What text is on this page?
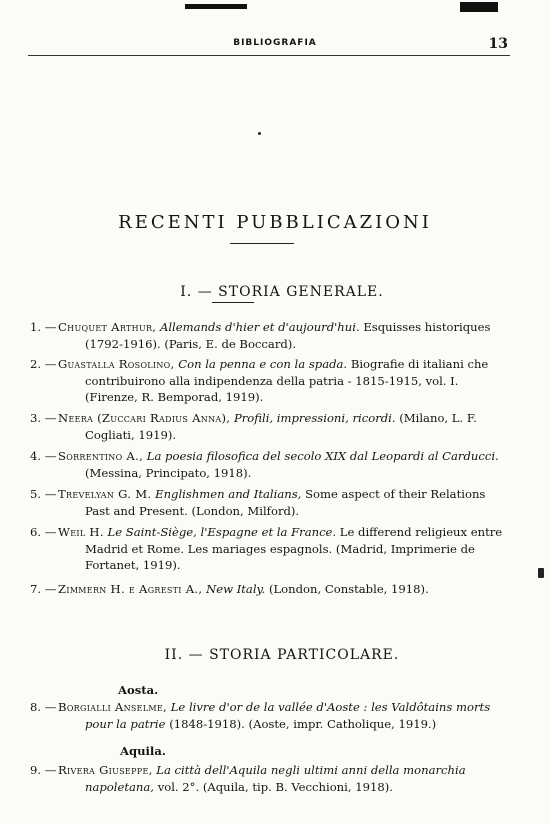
BIBLIOGRAFIA	13
RECENTI PUBBLICAZIONI
I. — STORIA GENERALE.
1. — Chuquet Arthur, Allemands d'hier et d'aujourd'hui. Esquisses historiques (1792-1916). (Paris, E. de Boccard).
2. — Guastalla Rosolino, Con la penna e con la spada. Biografie di italiani che contribuirono alla indipendenza della patria - 1815-1915, vol. I. (Firenze, R. Bemporad, 1919).
3. — Neera (Zuccari Radius Anna), Profili, impressioni, ricordi. (Milano, L. F. Cogliati, 1919).
4. — Sorrentino A., La poesia filosofica del secolo XIX dal Leopardi al Carducci. (Messina, Principato, 1918).
5. — Trevelyan G. M. Englishmen and Italians, Some aspect of their Relations Past and Present. (London, Milford).
6. — Weil H. Le Saint-Siège, l'Espagne et la France. Le differend religieux entre Madrid et Rome. Les mariages espagnols. (Madrid, Imprimerie de Fortanet, 1919).
7. — Zimmern H. e Agresti A., New Italy. (London, Constable, 1918).
II. — STORIA PARTICOLARE.
Aosta.
8. — Borgialli Anselme, Le livre d'or de la vallée d'Aoste : les Valdôtains morts pour la patrie (1848-1918). (Aoste, impr. Catholique, 1919.)
Aquila.
9. — Rivera Giuseppe, La città dell'Aquila negli ultimi anni della monarchia napoletana, vol. 2°. (Aquila, tip. B. Vecchioni, 1918).
